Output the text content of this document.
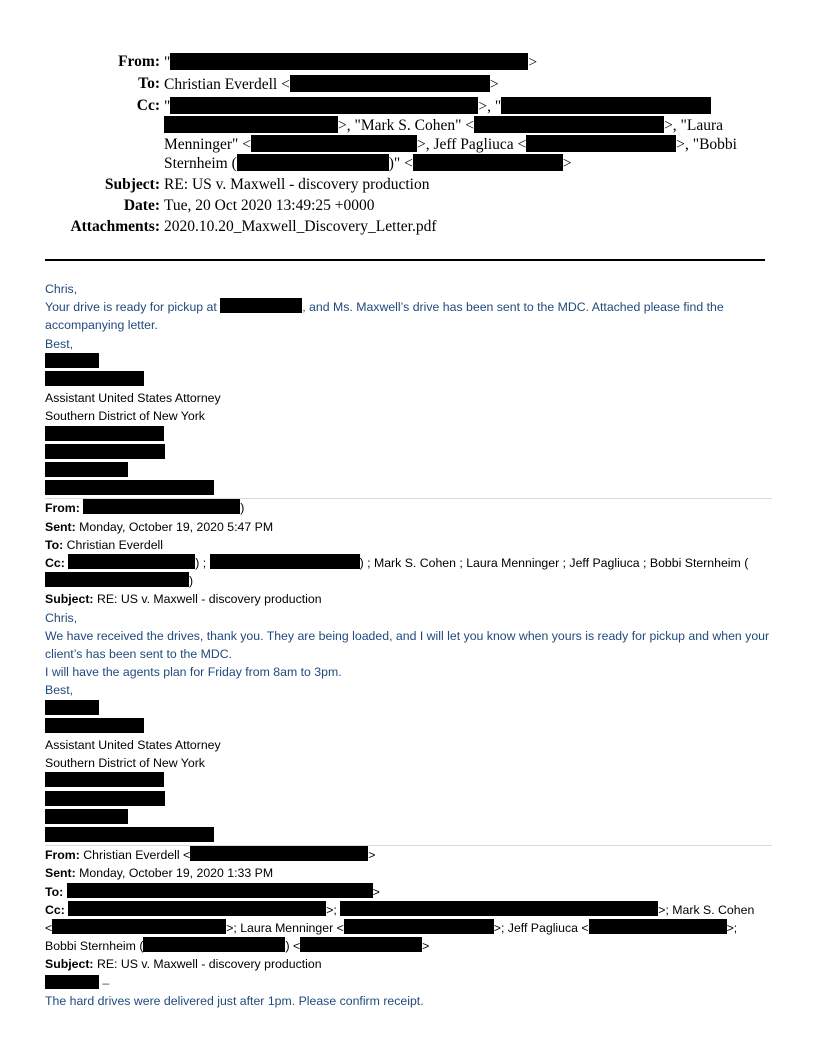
From: "	>
To: Christian Everdell <	>
Cc: "	>, "
>, "Mark S. Cohen" <	>, "Laura Menninger" <	>, Jeff Pagliuca <	>, "Bobbi Sternheim (	)" <	>
Subject: RE: US v. Maxwell - discovery production
Date: Tue, 20 Oct 2020 13:49:25 +0000
Attachments: 2020.10.20_Maxwell_Discovery_Letter.pdf
Chris,
Your drive is ready for pickup at	, and Ms. Maxwell’s drive has been sent to the MDC. Attached please find the accompanying letter.
Best,
Assistant United States Attorney
Southern District of New York
From:	)
Sent: Monday, October 19, 2020 5:47 PM
To: Christian Everdell
Cc:	) ;	) ; Mark S. Cohen ; Laura Menninger ; Jeff Pagliuca ; Bobbi Sternheim ()
Subject: RE: US v. Maxwell - discovery production
Chris,
We have received the drives, thank you. They are being loaded, and I will let you know when yours is ready for pickup and when your client’s has been sent to the MDC.
I will have the agents plan for Friday from 8am to 3pm.
Best,
Assistant United States Attorney
Southern District of New York
From: Christian Everdell <	>
Sent: Monday, October 19, 2020 1:33 PM
To:	>
Cc:	>;	>; Mark S. Cohen
<	>; Laura Menninger <	>; Jeff Pagliuca <	>;
Bobbi Sternheim (	) <	>
Subject: RE: US v. Maxwell - discovery production
–
The hard drives were delivered just after 1pm. Please confirm receipt.
